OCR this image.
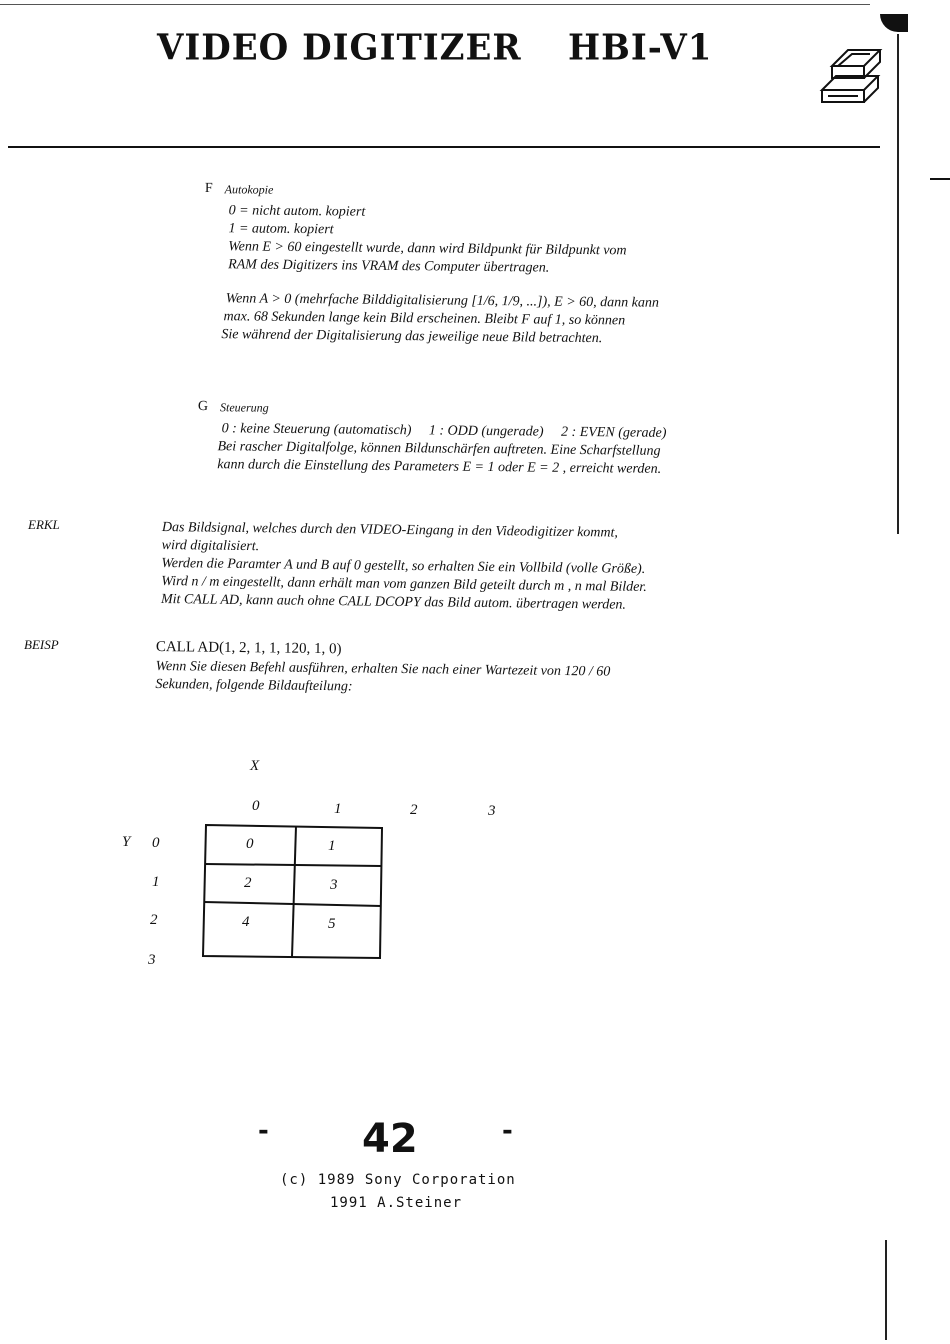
VIDEO DIGITIZER HBI-V1
F Autokopie
0 = nicht autom. kopiert
1 = autom. kopiert
Wenn E > 60 eingestellt wurde, dann wird Bildpunkt für Bildpunkt vom
RAM des Digitizers ins VRAM des Computer übertragen.
Wenn A > 0 (mehrfache Bilddigitalisierung [1/6, 1/9, ...]), E > 60, dann kann
max. 68 Sekunden lange kein Bild erscheinen. Bleibt F auf 1, so können
Sie während der Digitalisierung das jeweilige neue Bild betrachten.
G Steuerung
0 : keine Steuerung (automatisch)     1 : ODD (ungerade)     2 : EVEN (gerade)
Bei rascher Digitalfolge, können Bildunschärfen auftreten. Eine Scharfstellung
kann durch die Einstellung des Parameters E = 1 oder E = 2 , erreicht werden.
ERKL	Das Bildsignal, welches durch den VIDEO-Eingang in den Videodigitizer kommt,
wird digitalisiert.
Werden die Paramter A und B auf 0 gestellt, so erhalten Sie ein Vollbild (volle Größe).
Wird n / m eingestellt, dann erhält man vom ganzen Bild geteilt durch m , n mal Bilder.
Mit CALL AD, kann auch ohne CALL DCOPY das Bild autom. übertragen werden.
BEISP	CALL AD(1, 2, 1, 1, 120, 1, 0)
Wenn Sie diesen Befehl ausführen, erhalten Sie nach einer Wartezeit von 120 / 60
Sekunden, folgende Bildaufteilung:
X
0	1	2	3
Y 0
1
2
3
0	1
2	3
4	5
- 42	-
(c) 1989 Sony Corporation
1991 A.Steiner
